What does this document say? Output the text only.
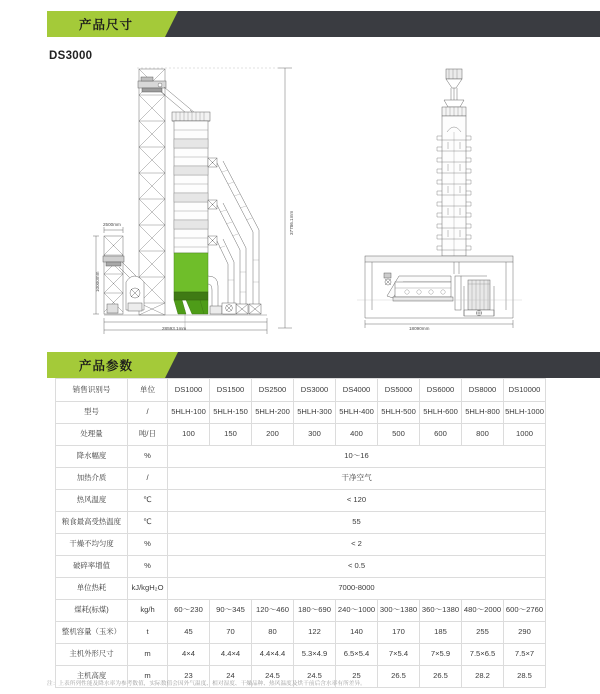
产品尺寸
DS3000
37786.1mm
28593.1mm
2500mm
10000mm
18090mm
产品参数
销售识别号	单位	DS1000	DS1500	DS2500	DS3000	DS4000	DS5000	DS6000	DS8000	DS10000
型号	/	5HLH-100	5HLH-150	5HLH-200	5HLH-300	5HLH-400	5HLH-500	5HLH-600	5HLH-800	5HLH-1000
处理量	吨/日	100	150	200	300	400	500	600	800	1000
降水幅度	%	10～16								
加热介质	/	干净空气								
热风温度	℃	< 120								
粮食最高受热温度	℃	55								
干燥不均匀度	%	< 2								
破碎率增值	%	< 0.5								
单位热耗	kJ/kgH₂O	7000-8000								
煤耗(标煤)	kg/h	60～230	90～345	120～460	180～690	240～1000	300～1380	360～1380	480～2000	600～2760
整机容量（玉米）	t	45	70	80	122	140	170	185	255	290
主机外形尺寸	m	4×4	4.4×4	4.4×4.4	5.3×4.9	6.5×5.4	7×5.4	7×5.9	7.5×6.5	7.5×7
主机高度	m	23	24	24.5	24.5	25	26.5	26.5	28.2	28.5
注：上表所列性能及降水率为参考数值，实际数值会因外气温度、相对湿度、干燥品种、热风温度及烘干前后含水率有所差异。
